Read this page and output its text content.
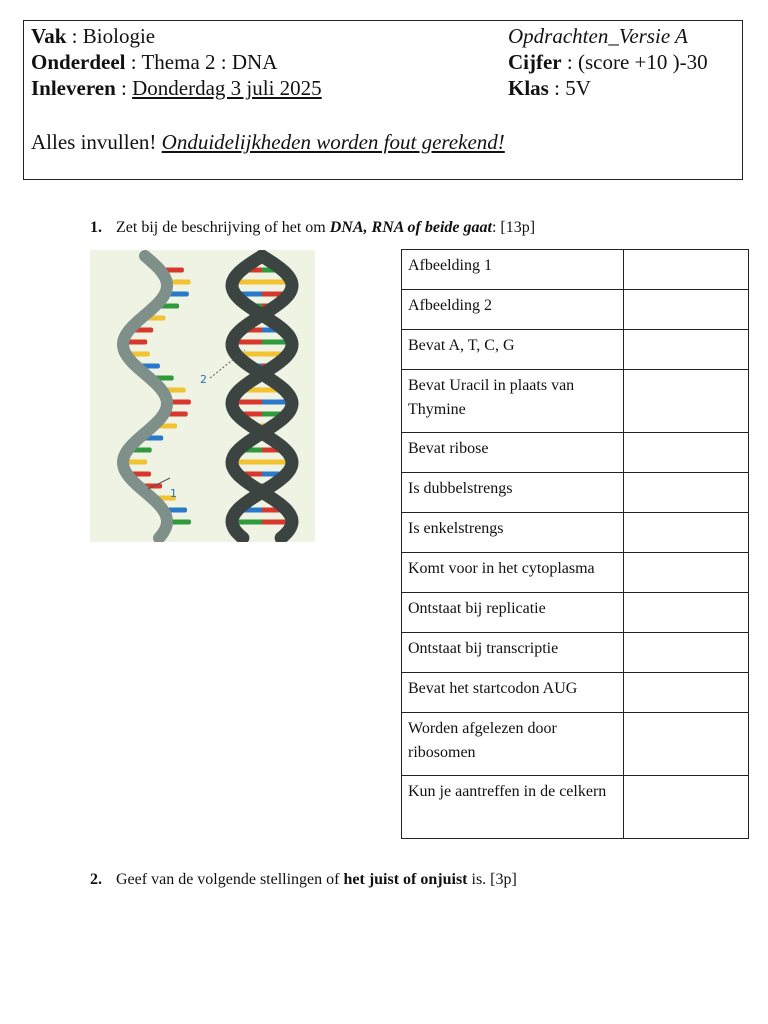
Vak : Biologie
Onderdeel : Thema 2 : DNA
Inleveren : Donderdag 3 juli 2025
Opdrachten_Versie A
Cijfer : (score +10 )-30
Klas : 5V
Alles invullen! Onduidelijkheden worden fout gerekend!
1. Zet bij de beschrijving of het om DNA, RNA of beide gaat: [13p]
1
2
Afbeelding 1	
Afbeelding 2	
Bevat A, T, C, G	
Bevat Uracil in plaats van Thymine	
Bevat ribose	
Is dubbelstrengs	
Is enkelstrengs	
Komt voor in het cytoplasma	
Ontstaat bij replicatie	
Ontstaat bij transcriptie	
Bevat het startcodon AUG	
Worden afgelezen door ribosomen	
Kun je aantreffen in de celkern	
2. Geef van de volgende stellingen of het juist of onjuist is. [3p]
